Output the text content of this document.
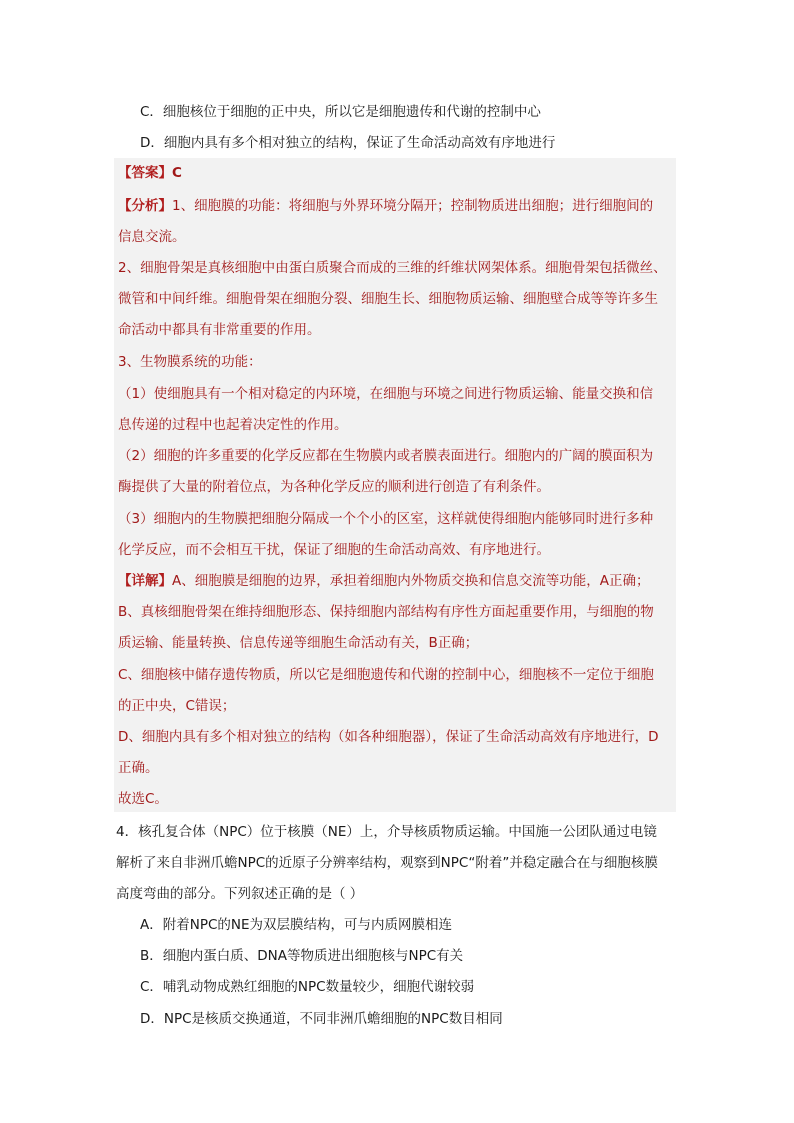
C．细胞核位于细胞的正中央，所以它是细胞遗传和代谢的控制中心
D．细胞内具有多个相对独立的结构，保证了生命活动高效有序地进行
【答案】C
【分析】1、细胞膜的功能：将细胞与外界环境分隔开；控制物质进出细胞；进行细胞间的
信息交流。
2、细胞骨架是真核细胞中由蛋白质聚合而成的三维的纤维状网架体系。细胞骨架包括微丝、
微管和中间纤维。细胞骨架在细胞分裂、细胞生长、细胞物质运输、细胞壁合成等等许多生
命活动中都具有非常重要的作用。
3、生物膜系统的功能：
（1）使细胞具有一个相对稳定的内环境，在细胞与环境之间进行物质运输、能量交换和信
息传递的过程中也起着决定性的作用。
（2）细胞的许多重要的化学反应都在生物膜内或者膜表面进行。细胞内的广阔的膜面积为
酶提供了大量的附着位点，为各种化学反应的顺利进行创造了有利条件。
（3）细胞内的生物膜把细胞分隔成一个个小的区室，这样就使得细胞内能够同时进行多种
化学反应，而不会相互干扰，保证了细胞的生命活动高效、有序地进行。
【详解】A、细胞膜是细胞的边界，承担着细胞内外物质交换和信息交流等功能，A正确；
B、真核细胞骨架在维持细胞形态、保持细胞内部结构有序性方面起重要作用，与细胞的物
质运输、能量转换、信息传递等细胞生命活动有关，B正确；
C、细胞核中储存遗传物质，所以它是细胞遗传和代谢的控制中心，细胞核不一定位于细胞
的正中央，C错误；
D、细胞内具有多个相对独立的结构（如各种细胞器），保证了生命活动高效有序地进行，D
正确。
故选C。
4．核孔复合体（NPC）位于核膜（NE）上，介导核质物质运输。中国施一公团队通过电镜
解析了来自非洲爪蟾NPC的近原子分辨率结构，观察到NPC“附着”并稳定融合在与细胞核膜
高度弯曲的部分。下列叙述正确的是（ ）
A．附着NPC的NE为双层膜结构，可与内质网膜相连
B．细胞内蛋白质、DNA等物质进出细胞核与NPC有关
C．哺乳动物成熟红细胞的NPC数量较少，细胞代谢较弱
D．NPC是核质交换通道，不同非洲爪蟾细胞的NPC数目相同
